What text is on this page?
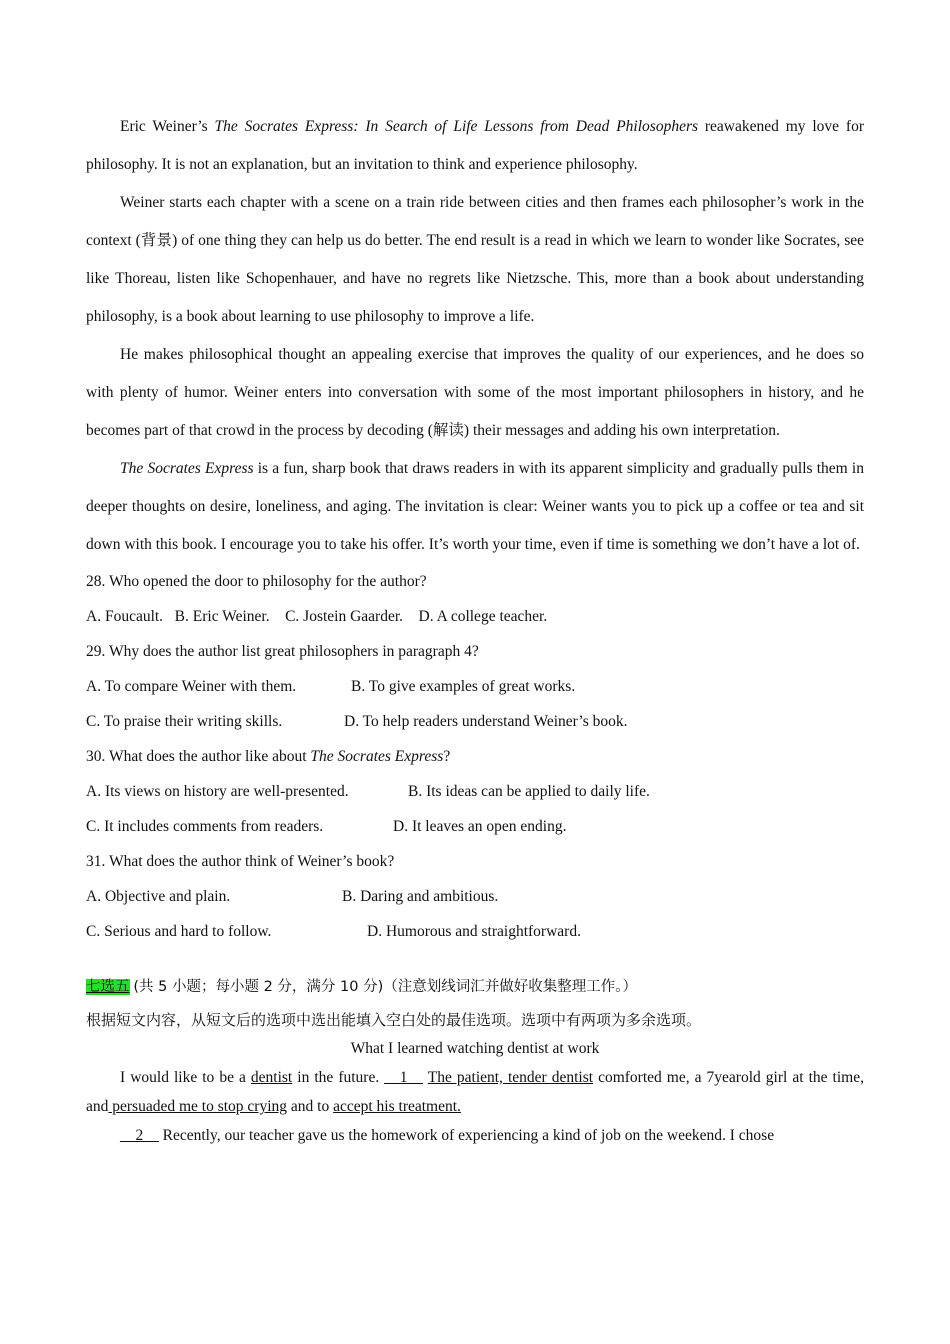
Eric Weiner’s The Socrates Express: In Search of Life Lessons from Dead Philosophers reawakened my love for philosophy. It is not an explanation, but an invitation to think and experience philosophy.

Weiner starts each chapter with a scene on a train ride between cities and then frames each philosopher’s work in the context (背景) of one thing they can help us do better. The end result is a read in which we learn to wonder like Socrates, see like Thoreau, listen like Schopenhauer, and have no regrets like Nietzsche. This, more than a book about understanding philosophy, is a book about learning to use philosophy to improve a life.

He makes philosophical thought an appealing exercise that improves the quality of our experiences, and he does so with plenty of humor. Weiner enters into conversation with some of the most important philosophers in history, and he becomes part of that crowd in the process by decoding (解读) their messages and adding his own interpretation.

The Socrates Express is a fun, sharp book that draws readers in with its apparent simplicity and gradually pulls them in deeper thoughts on desire, loneliness, and aging. The invitation is clear: Weiner wants you to pick up a coffee or tea and sit down with this book. I encourage you to take his offer. It’s worth your time, even if time is something we don’t have a lot of.

28. Who opened the door to philosophy for the author?

A. Foucault.   B. Eric Weiner.    C. Jostein Gaarder.    D. A college teacher.

29. Why does the author list great philosophers in paragraph 4?

A. To compare Weiner with them.	B. To give examples of great works.
C. To praise their writing skills.	D. To help readers understand Weiner’s book.

30. What does the author like about The Socrates Express?

A. Its views on history are well-presented.	B. Its ideas can be applied to daily life.
C. It includes comments from readers.	D. It leaves an open ending.

31. What does the author think of Weiner’s book?

A. Objective and plain.	B. Daring and ambitious.
C. Serious and hard to follow.	D. Humorous and straightforward.
七选五 (共 5 小题；每小题 2 分，满分 10 分)（注意划线词汇并做好收集整理工作。）

根据短文内容，从短文后的选项中选出能填入空白处的最佳选项。选项中有两项为多余选项。

What I learned watching dentist at work

I would like to be a dentist in the future. __1__ The patient, tender dentist comforted me, a 7yearold girl at the time, and persuaded me to stop crying and to accept his treatment.

__2__ Recently, our teacher gave us the homework of experiencing a kind of job on the weekend. I chose
